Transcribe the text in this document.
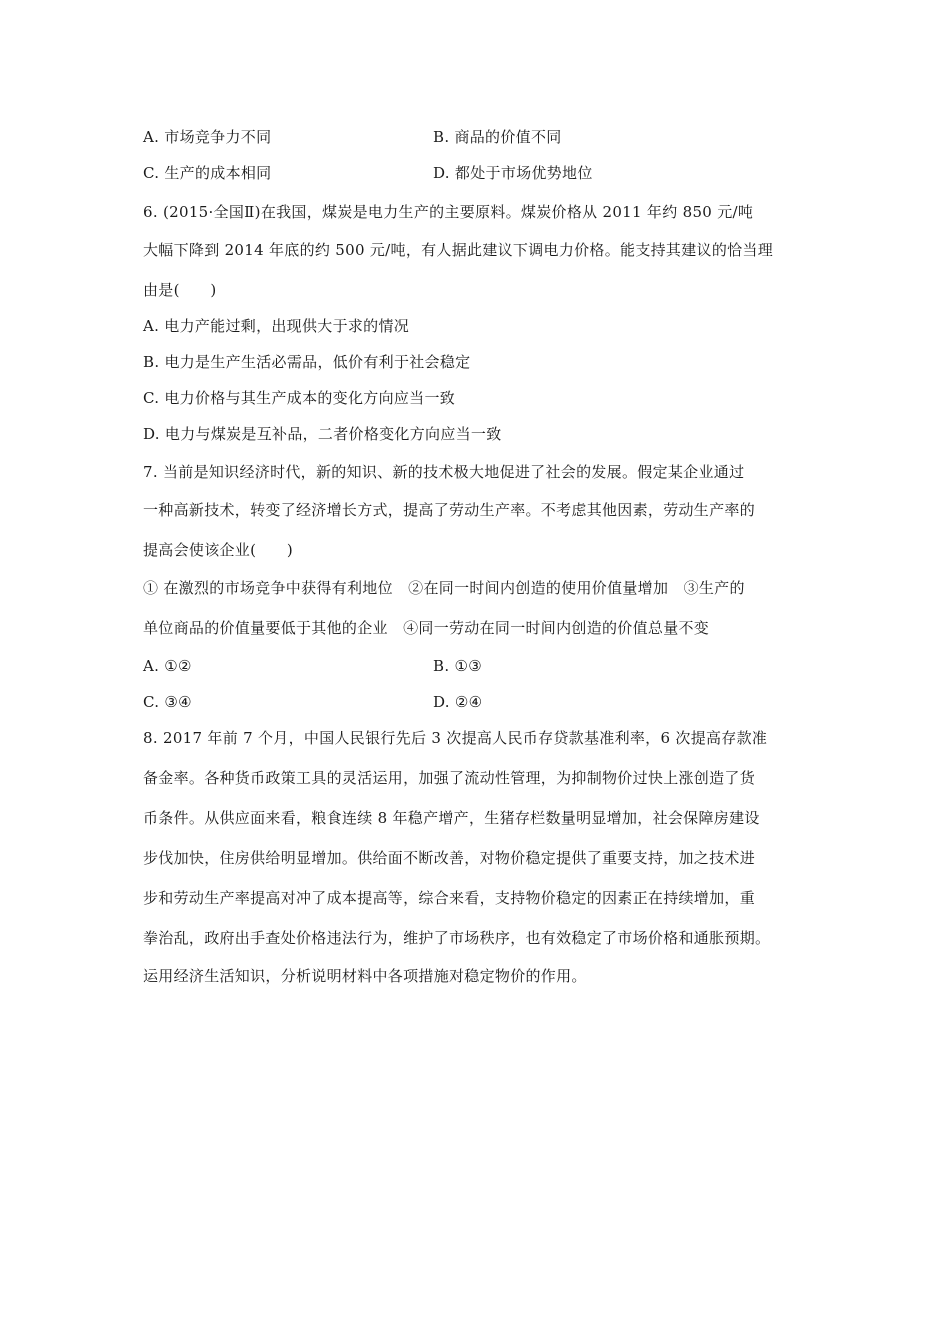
A. 市场竞争力不同	B. 商品的价值不同
C. 生产的成本相同	D. 都处于市场优势地位
6. (2015·全国Ⅱ)在我国，煤炭是电力生产的主要原料。煤炭价格从 2011 年约 850 元/吨
大幅下降到 2014 年底的约 500 元/吨，有人据此建议下调电力价格。能支持其建议的恰当理
由是(　　)
A. 电力产能过剩，出现供大于求的情况
B. 电力是生产生活必需品，低价有利于社会稳定
C. 电力价格与其生产成本的变化方向应当一致
D. 电力与煤炭是互补品，二者价格变化方向应当一致
7. 当前是知识经济时代，新的知识、新的技术极大地促进了社会的发展。假定某企业通过
一种高新技术，转变了经济增长方式，提高了劳动生产率。不考虑其他因素，劳动生产率的
提高会使该企业(　　)
① 在激烈的市场竞争中获得有利地位　②在同一时间内创造的使用价值量增加　③生产的
单位商品的价值量要低于其他的企业　④同一劳动在同一时间内创造的价值总量不变
A. ①②	B. ①③
C. ③④	D. ②④
8. 2017 年前 7 个月，中国人民银行先后 3 次提高人民币存贷款基准利率，6 次提高存款准
备金率。各种货币政策工具的灵活运用，加强了流动性管理，为抑制物价过快上涨创造了货
币条件。从供应面来看，粮食连续 8 年稳产增产，生猪存栏数量明显增加，社会保障房建设
步伐加快，住房供给明显增加。供给面不断改善，对物价稳定提供了重要支持，加之技术进
步和劳动生产率提高对冲了成本提高等，综合来看，支持物价稳定的因素正在持续增加，重
拳治乱，政府出手查处价格违法行为，维护了市场秩序，也有效稳定了市场价格和通胀预期。
运用经济生活知识，分析说明材料中各项措施对稳定物价的作用。
